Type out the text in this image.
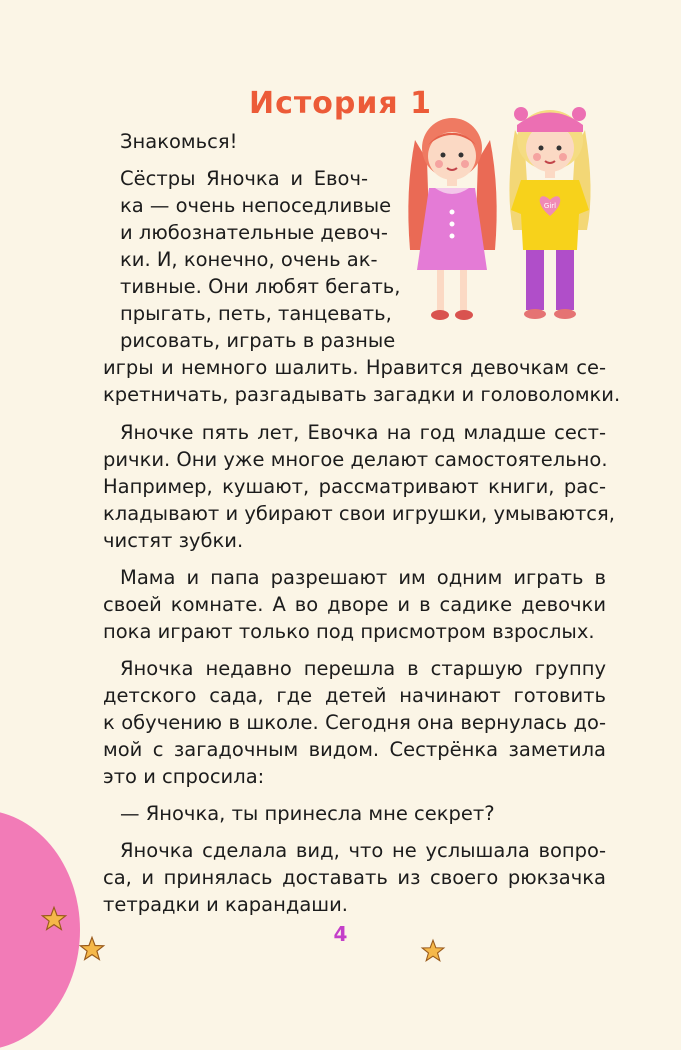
История 1
Girl
Знакомься!
Сёстры Яночка и Евоч-
ка — очень непоседливые
и любознательные девоч-
ки. И, конечно, очень ак-
тивные. Они любят бегать,
прыгать, петь, танцевать,
рисовать, играть в разные
игры и немного шалить. Нравится девочкам се-
кретничать, разгадывать загадки и головоломки.
Яночке пять лет, Евочка на год младше сест-
рички. Они уже многое делают самостоятельно.
Например, кушают, рассматривают книги, рас-
кладывают и убирают свои игрушки, умываются,
чистят зубки.
Мама и папа разрешают им одним играть в
своей комнате. А во дворе и в садике девочки
пока играют только под присмотром взрослых.
Яночка недавно перешла в старшую группу
детского сада, где детей начинают готовить
к обучению в школе. Сегодня она вернулась до-
мой с загадочным видом. Сестрёнка заметила
это и спросила:
— Яночка, ты принесла мне секрет?
Яночка сделала вид, что не услышала вопро-
са, и принялась доставать из своего рюкзачка
тетрадки и карандаши.
4
